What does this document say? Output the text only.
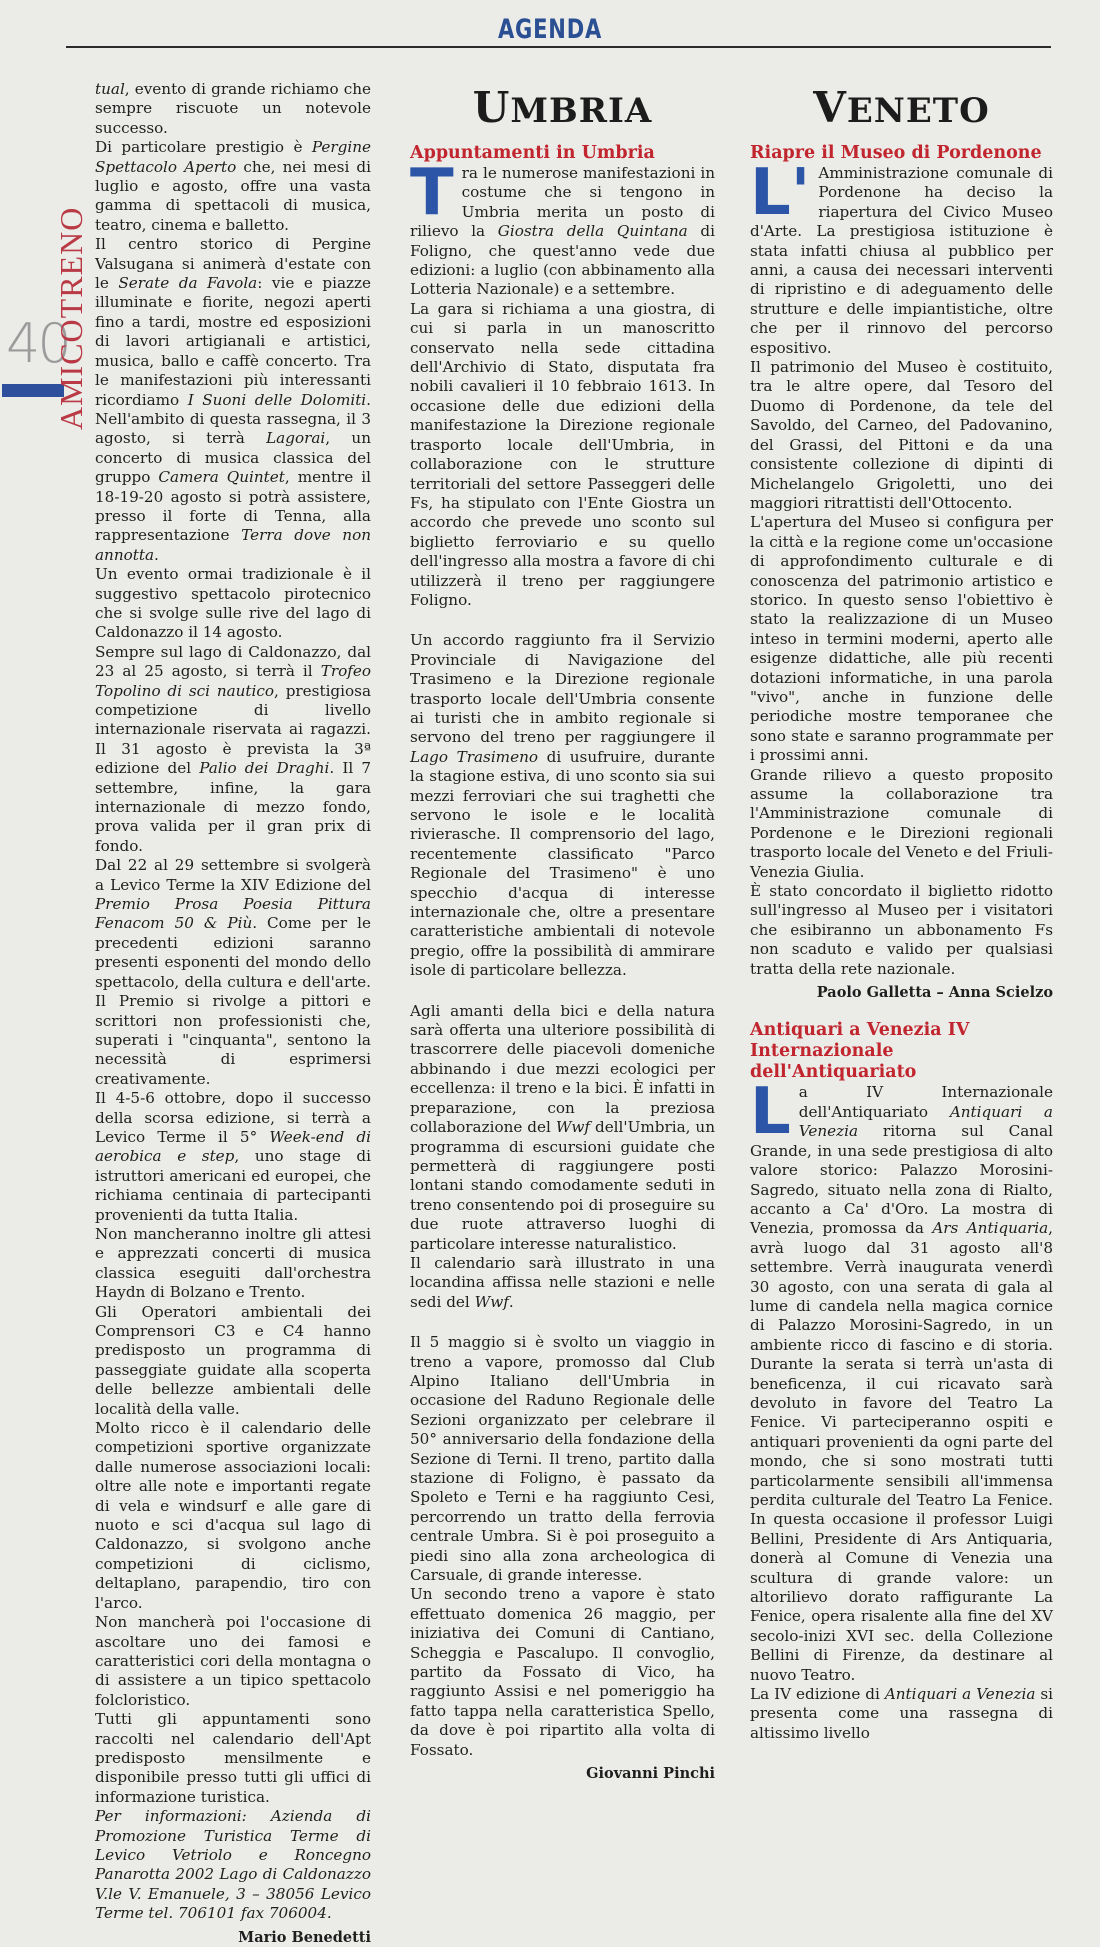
AGENDA
40
AMICOTRENO

tual, evento di grande richiamo che sempre riscuote un notevole successo.

Di particolare prestigio è Pergine Spettacolo Aperto che, nei mesi di luglio e agosto, offre una vasta gamma di spettacoli di musica, teatro, cinema e balletto.

Il centro storico di Pergine Valsugana si animerà d'estate con le Serate da Favola: vie e piazze illuminate e fiorite, negozi aperti fino a tardi, mostre ed esposizioni di lavori artigianali e artistici, musica, ballo e caffè concerto. Tra le manifestazioni più interessanti ricordiamo I Suoni delle Dolomiti. Nell'ambito di questa rassegna, il 3 agosto, si terrà Lagorai, un concerto di musica classica del gruppo Camera Quintet, mentre il 18-19-20 agosto si potrà assistere, presso il forte di Tenna, alla rappresentazione Terra dove non annotta.

Un evento ormai tradizionale è il suggestivo spettacolo pirotecnico che si svolge sulle rive del lago di Caldonazzo il 14 agosto.

Sempre sul lago di Caldonazzo, dal 23 al 25 agosto, si terrà il Trofeo Topolino di sci nautico, prestigiosa competizione di livello internazionale riservata ai ragazzi. Il 31 agosto è prevista la 3ª edizione del Palio dei Draghi. Il 7 settembre, infine, la gara internazionale di mezzo fondo, prova valida per il gran prix di fondo.

Dal 22 al 29 settembre si svolgerà a Levico Terme la XIV Edizione del Premio Prosa Poesia Pittura Fenacom 50 & Più. Come per le precedenti edizioni saranno presenti esponenti del mondo dello spettacolo, della cultura e dell'arte. Il Premio si rivolge a pittori e scrittori non professionisti che, superati i "cinquanta", sentono la necessità di esprimersi creativamente.

Il 4-5-6 ottobre, dopo il successo della scorsa edizione, si terrà a Levico Terme il 5° Week-end di aerobica e step, uno stage di istruttori americani ed europei, che richiama centinaia di partecipanti provenienti da tutta Italia.

Non mancheranno inoltre gli attesi e apprezzati concerti di musica classica eseguiti dall'orchestra Haydn di Bolzano e Trento.

Gli Operatori ambientali dei Comprensori C3 e C4 hanno predisposto un programma di passeggiate guidate alla scoperta delle bellezze ambientali delle località della valle.

Molto ricco è il calendario delle competizioni sportive organizzate dalle numerose associazioni locali: oltre alle note e importanti regate di vela e windsurf e alle gare di nuoto e sci d'acqua sul lago di Caldonazzo, si svolgono anche competizioni di ciclismo, deltaplano, parapendio, tiro con l'arco.

Non mancherà poi l'occasione di ascoltare uno dei famosi e caratteristici cori della montagna o di assistere a un tipico spettacolo folcloristico.

Tutti gli appuntamenti sono raccolti nel calendario dell'Apt predisposto mensilmente e disponibile presso tutti gli uffici di informazione turistica.

Per informazioni: Azienda di Promozione Turistica Terme di Levico Vetriolo e Roncegno Panarotta 2002 Lago di Caldonazzo V.le V. Emanuele, 3 – 38056 Levico Terme tel. 706101 fax 706004.

Mario Benedetti
UMBRIA
Appuntamenti in Umbria
T ra le numerose manifestazioni in costume che si tengono in Umbria merita un posto di rilievo la Giostra della Quintana di Foligno, che quest'anno vede due edizioni: a luglio (con abbinamento alla Lotteria Nazionale) e a settembre.

La gara si richiama a una giostra, di cui si parla in un manoscritto conservato nella sede cittadina dell'Archivio di Stato, disputata fra nobili cavalieri il 10 febbraio 1613. In occasione delle due edizioni della manifestazione la Direzione regionale trasporto locale dell'Umbria, in collaborazione con le strutture territoriali del settore Passeggeri delle Fs, ha stipulato con l'Ente Giostra un accordo che prevede uno sconto sul biglietto ferroviario e su quello dell'ingresso alla mostra a favore di chi utilizzerà il treno per raggiungere Foligno.

Un accordo raggiunto fra il Servizio Provinciale di Navigazione del Trasimeno e la Direzione regionale trasporto locale dell'Umbria consente ai turisti che in ambito regionale si servono del treno per raggiungere il Lago Trasimeno di usufruire, durante la stagione estiva, di uno sconto sia sui mezzi ferroviari che sui traghetti che servono le isole e le località rivierasche. Il comprensorio del lago, recentemente classificato "Parco Regionale del Trasimeno" è uno specchio d'acqua di interesse internazionale che, oltre a presentare caratteristiche ambientali di notevole pregio, offre la possibilità di ammirare isole di particolare bellezza.

Agli amanti della bici e della natura sarà offerta una ulteriore possibilità di trascorrere delle piacevoli domeniche abbinando i due mezzi ecologici per eccellenza: il treno e la bici. È infatti in preparazione, con la preziosa collaborazione del Wwf dell'Umbria, un programma di escursioni guidate che permetterà di raggiungere posti lontani stando comodamente seduti in treno consentendo poi di proseguire su due ruote attraverso luoghi di particolare interesse naturalistico.

Il calendario sarà illustrato in una locandina affissa nelle stazioni e nelle sedi del Wwf.

Il 5 maggio si è svolto un viaggio in treno a vapore, promosso dal Club Alpino Italiano dell'Umbria in occasione del Raduno Regionale delle Sezioni organizzato per celebrare il 50° anniversario della fondazione della Sezione di Terni. Il treno, partito dalla stazione di Foligno, è passato da Spoleto e Terni e ha raggiunto Cesi, percorrendo un tratto della ferrovia centrale Umbra. Si è poi proseguito a piedi sino alla zona archeologica di Carsuale, di grande interesse.

Un secondo treno a vapore è stato effettuato domenica 26 maggio, per iniziativa dei Comuni di Cantiano, Scheggia e Pascalupo. Il convoglio, partito da Fossato di Vico, ha raggiunto Assisi e nel pomeriggio ha fatto tappa nella caratteristica Spello, da dove è poi ripartito alla volta di Fossato.

Giovanni Pinchi
VENETO
Riapre il Museo di Pordenone
L' Amministrazione comunale di Pordenone ha deciso la riapertura del Civico Museo d'Arte. La prestigiosa istituzione è stata infatti chiusa al pubblico per anni, a causa dei necessari interventi di ripristino e di adeguamento delle strutture e delle impiantistiche, oltre che per il rinnovo del percorso espositivo.

Il patrimonio del Museo è costituito, tra le altre opere, dal Tesoro del Duomo di Pordenone, da tele del Savoldo, del Carneo, del Padovanino, del Grassi, del Pittoni e da una consistente collezione di dipinti di Michelangelo Grigoletti, uno dei maggiori ritrattisti dell'Ottocento.

L'apertura del Museo si configura per la città e la regione come un'occasione di approfondimento culturale e di conoscenza del patrimonio artistico e storico. In questo senso l'obiettivo è stato la realizzazione di un Museo inteso in termini moderni, aperto alle esigenze didattiche, alle più recenti dotazioni informatiche, in una parola "vivo", anche in funzione delle periodiche mostre temporanee che sono state e saranno programmate per i prossimi anni.

Grande rilievo a questo proposito assume la collaborazione tra l'Amministrazione comunale di Pordenone e le Direzioni regionali trasporto locale del Veneto e del Friuli-Venezia Giulia.

È stato concordato il biglietto ridotto sull'ingresso al Museo per i visitatori che esibiranno un abbonamento Fs non scaduto e valido per qualsiasi tratta della rete nazionale.

Paolo Galletta – Anna Scielzo
Antiquari a Venezia IV Internazionale dell'Antiquariato
L a IV Internazionale dell'Antiquariato Antiquari a Venezia ritorna sul Canal Grande, in una sede prestigiosa di alto valore storico: Palazzo Morosini-Sagredo, situato nella zona di Rialto, accanto a Ca' d'Oro. La mostra di Venezia, promossa da Ars Antiquaria, avrà luogo dal 31 agosto all'8 settembre. Verrà inaugurata venerdì 30 agosto, con una serata di gala al lume di candela nella magica cornice di Palazzo Morosini-Sagredo, in un ambiente ricco di fascino e di storia. Durante la serata si terrà un'asta di beneficenza, il cui ricavato sarà devoluto in favore del Teatro La Fenice. Vi parteciperanno ospiti e antiquari provenienti da ogni parte del mondo, che si sono mostrati tutti particolarmente sensibili all'immensa perdita culturale del Teatro La Fenice. In questa occasione il professor Luigi Bellini, Presidente di Ars Antiquaria, donerà al Comune di Venezia una scultura di grande valore: un altorilievo dorato raffigurante La Fenice, opera risalente alla fine del XV secolo-inizi XVI sec. della Collezione Bellini di Firenze, da destinare al nuovo Teatro.

La IV edizione di Antiquari a Venezia si presenta come una rassegna di altissimo livello
